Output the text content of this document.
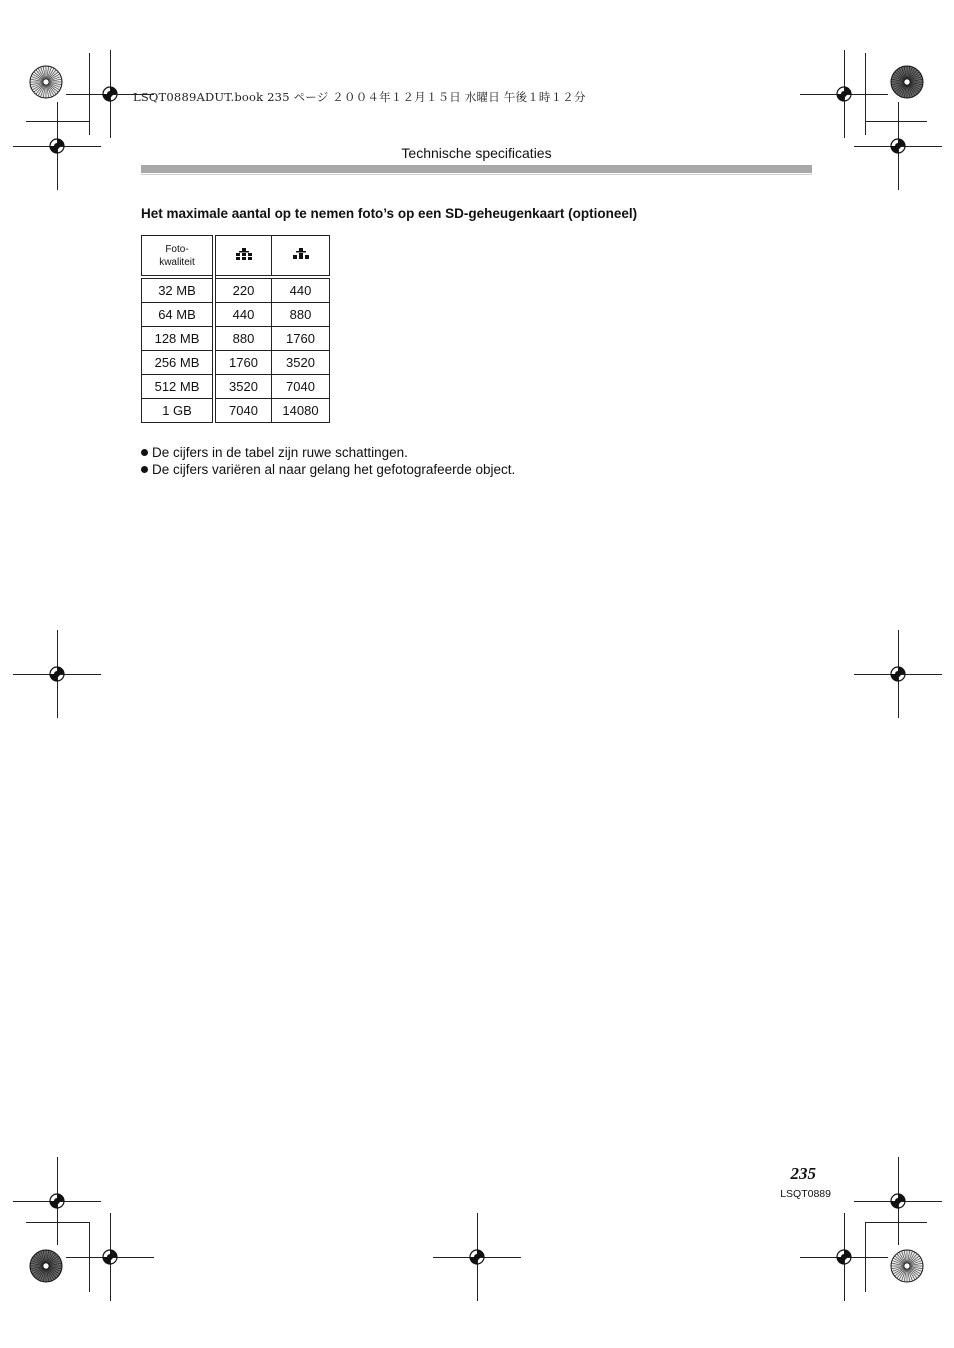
LSQT0889ADUT.book 235 ページ ２００４年１２月１５日 水曜日 午後１時１２分
Technische specificaties
Het maximale aantal op te nemen foto’s op een SD-geheugenkaart (optioneel)
Foto-
kwaliteit		
32 MB	220	440
64 MB	440	880
128 MB	880	1760
256 MB	1760	3520
512 MB	3520	7040
1 GB	7040	14080
De cijfers in de tabel zijn ruwe schattingen.
De cijfers variëren al naar gelang het gefotografeerde object.
235
LSQT0889
